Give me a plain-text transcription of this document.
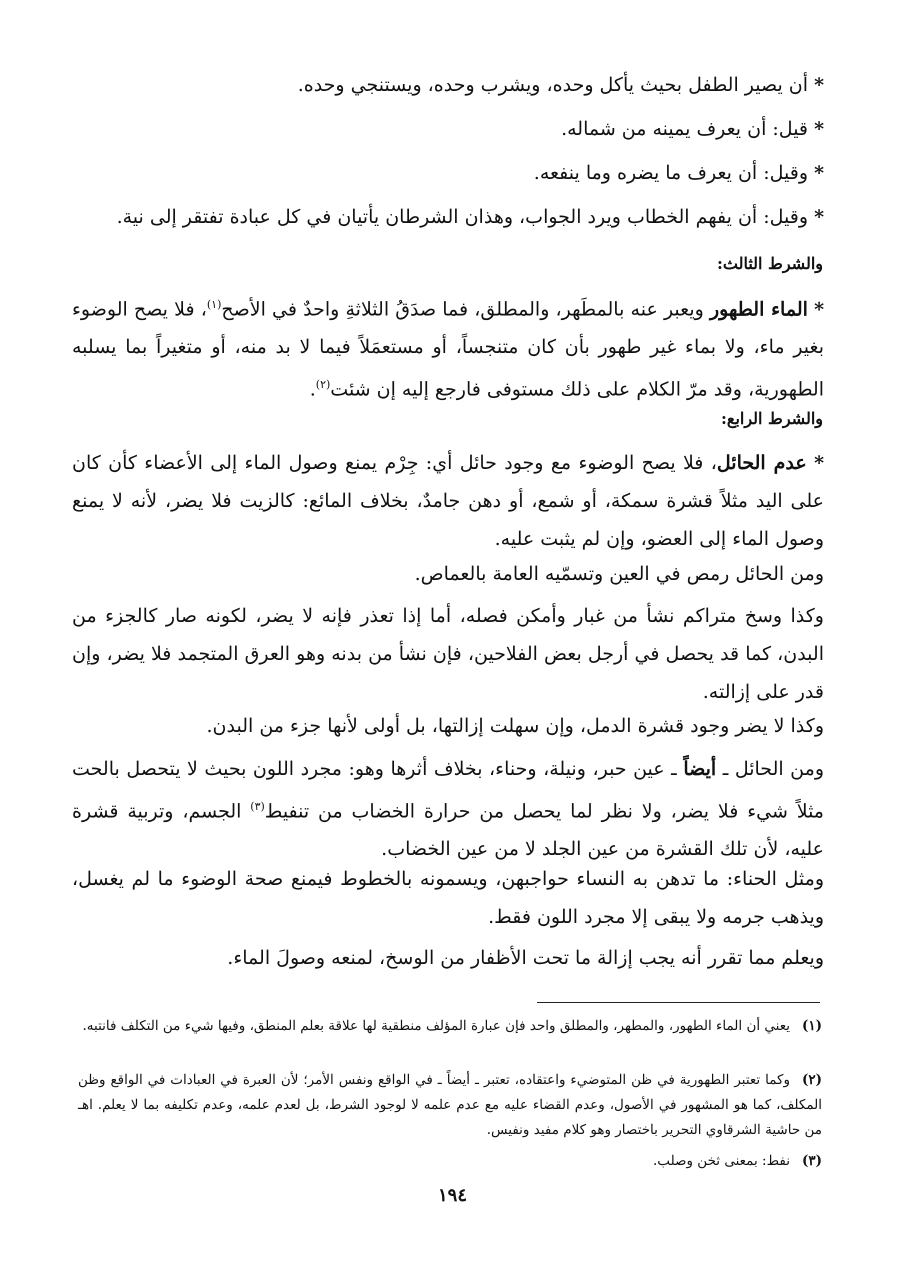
* أن يصير الطفل بحيث يأكل وحده، ويشرب وحده، ويستنجي وحده.

* قيل: أن يعرف يمينه من شماله.

* وقيل: أن يعرف ما يضره وما ينفعه.

* وقيل: أن يفهم الخطاب ويرد الجواب، وهذان الشرطان يأتيان في كل عبادة تفتقر إلى نية.

والشرط الثالث:

* الماء الطهور ويعبر عنه بالمطَهر، والمطلق، فما صدَقُ الثلاثةِ واحدٌ في الأصح$^{(١)}$، فلا يصح الوضوء بغير ماء، ولا بماء غير طهور بأن كان متنجساً، أو مستعمَلاً فيما لا بد منه، أو متغيراً بما يسلبه الطهورية، وقد مرّ الكلام على ذلك مستوفى فارجع إليه إن شئت$^{(٢)}$.

والشرط الرابع:

* عدم الحائل، فلا يصح الوضوء مع وجود حائل أي: جِرْم يمنع وصول الماء إلى الأعضاء كأن كان على اليد مثلاً قشرة سمكة، أو شمع، أو دهن جامدٌ، بخلاف المائع: كالزيت فلا يضر، لأنه لا يمنع وصول الماء إلى العضو، وإن لم يثبت عليه.

ومن الحائل رمص في العين وتسمّيه العامة بالعماص.

وكذا وسخ متراكم نشأ من غبار وأمكن فصله، أما إذا تعذر فإنه لا يضر، لكونه صار كالجزء من البدن، كما قد يحصل في أرجل بعض الفلاحين، فإن نشأ من بدنه وهو العرق المتجمد فلا يضر، وإن قدر على إزالته.

وكذا لا يضر وجود قشرة الدمل، وإن سهلت إزالتها، بل أولى لأنها جزء من البدن.

ومن الحائل ـ أيضاً ـ عين حبر، ونيلة، وحناء، بخلاف أثرها وهو: مجرد اللون بحيث لا يتحصل بالحت مثلاً شيء فلا يضر، ولا نظر لما يحصل من حرارة الخضاب من تنفيط$^{(٣)}$ الجسم، وتربية قشرة عليه، لأن تلك القشرة من عين الجلد لا من عين الخضاب.

ومثل الحناء: ما تدهن به النساء حواجبهن، ويسمونه بالخطوط فيمنع صحة الوضوء ما لم يغسل، ويذهب جرمه ولا يبقى إلا مجرد اللون فقط.

ويعلم مما تقرر أنه يجب إزالة ما تحت الأظفار من الوسخ، لمنعه وصولَ الماء.

(١)يعني أن الماء الطهور، والمطهر، والمطلق واحد فإن عبارة المؤلف منطقية لها علاقة بعلم المنطق، وفيها شيء من التكلف فانتبه.

(٢)وكما تعتبر الطهورية في ظن المتوضيء واعتقاده، تعتبر ـ أيضاً ـ في الواقع ونفس الأمر؛ لأن العبرة في العبادات في الواقع وظن المكلف، كما هو المشهور في الأصول، وعدم القضاء عليه مع عدم علمه لا لوجود الشرط، بل لعدم علمه، وعدم تكليفه بما لا يعلم. اهـ من حاشية الشرقاوي التحرير باختصار وهو كلام مفيد ونفيس.

(٣)نفط: بمعنى ثخن وصلب.

١٩٤
